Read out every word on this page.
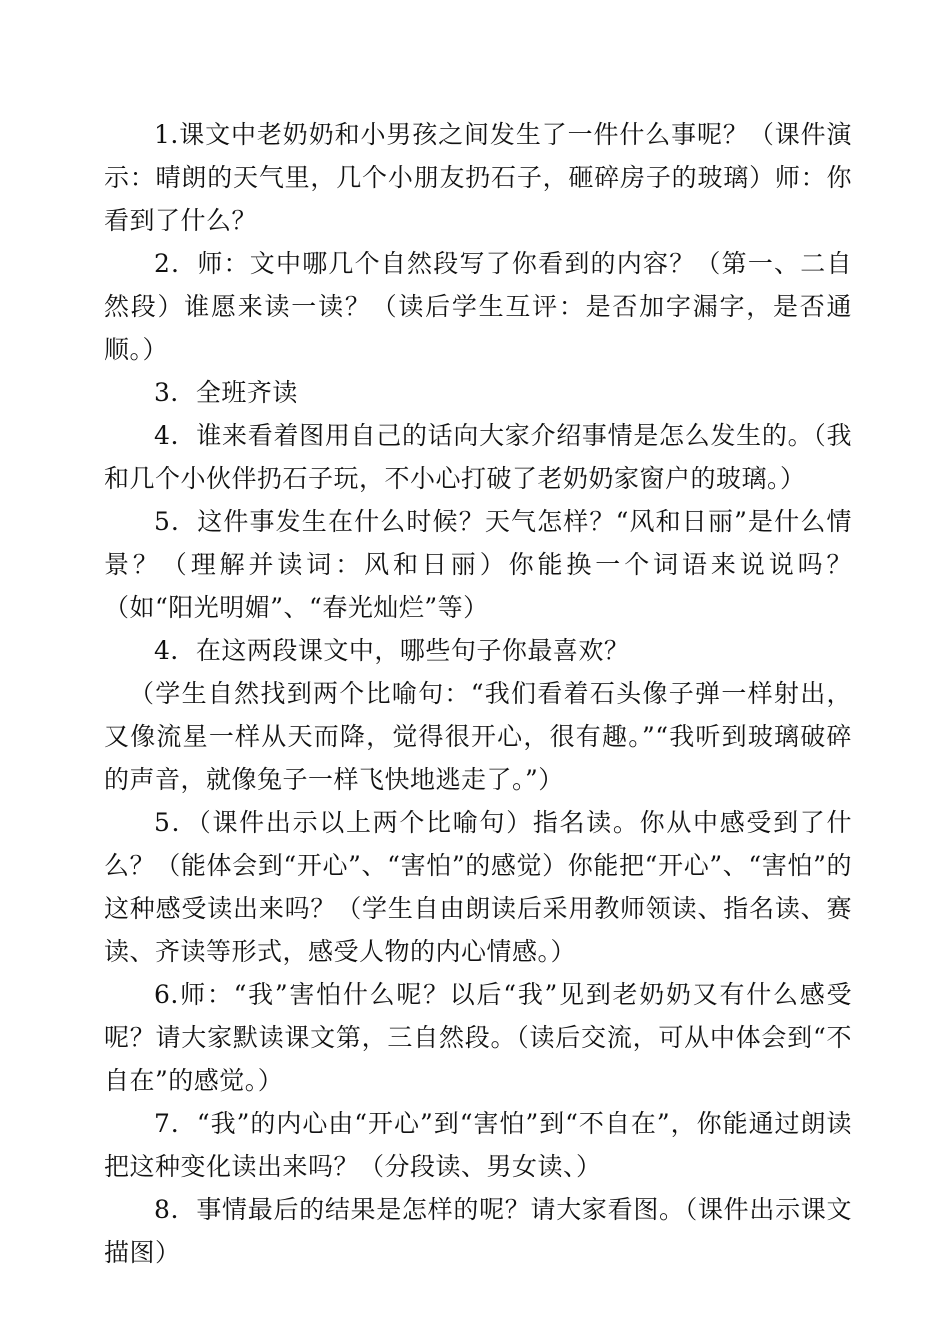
1.课文中老奶奶和小男孩之间发生了一件什么事呢？（课件演示：晴朗的天气里，几个小朋友扔石子，砸碎房子的玻璃）师：你看到了什么？

2．师：文中哪几个自然段写了你看到的内容？（第一、二自然段）谁愿来读一读？（读后学生互评：是否加字漏字，是否通顺。）

3．全班齐读

4．谁来看着图用自己的话向大家介绍事情是怎么发生的。（我和几个小伙伴扔石子玩，不小心打破了老奶奶家窗户的玻璃。）

5．这件事发生在什么时候？天气怎样？“风和日丽”是什么情景？（理解并读词：风和日丽）你能换一个词语来说说吗？（如“阳光明媚”、“春光灿烂”等）

4．在这两段课文中，哪些句子你最喜欢？

（学生自然找到两个比喻句：“我们看着石头像子弹一样射出，又像流星一样从天而降，觉得很开心，很有趣。”“我听到玻璃破碎的声音，就像兔子一样飞快地逃走了。”）

5．（课件出示以上两个比喻句）指名读。你从中感受到了什么？（能体会到“开心”、“害怕”的感觉）你能把“开心”、“害怕”的这种感受读出来吗？（学生自由朗读后采用教师领读、指名读、赛读、齐读等形式，感受人物的内心情感。）

6.师：“我”害怕什么呢？以后“我”见到老奶奶又有什么感受呢？请大家默读课文第，三自然段。（读后交流，可从中体会到“不自在”的感觉。）

7．“我”的内心由“开心”到“害怕”到“不自在”，你能通过朗读把这种变化读出来吗？（分段读、男女读、）

8．事情最后的结果是怎样的呢？请大家看图。（课件出示课文描图）
